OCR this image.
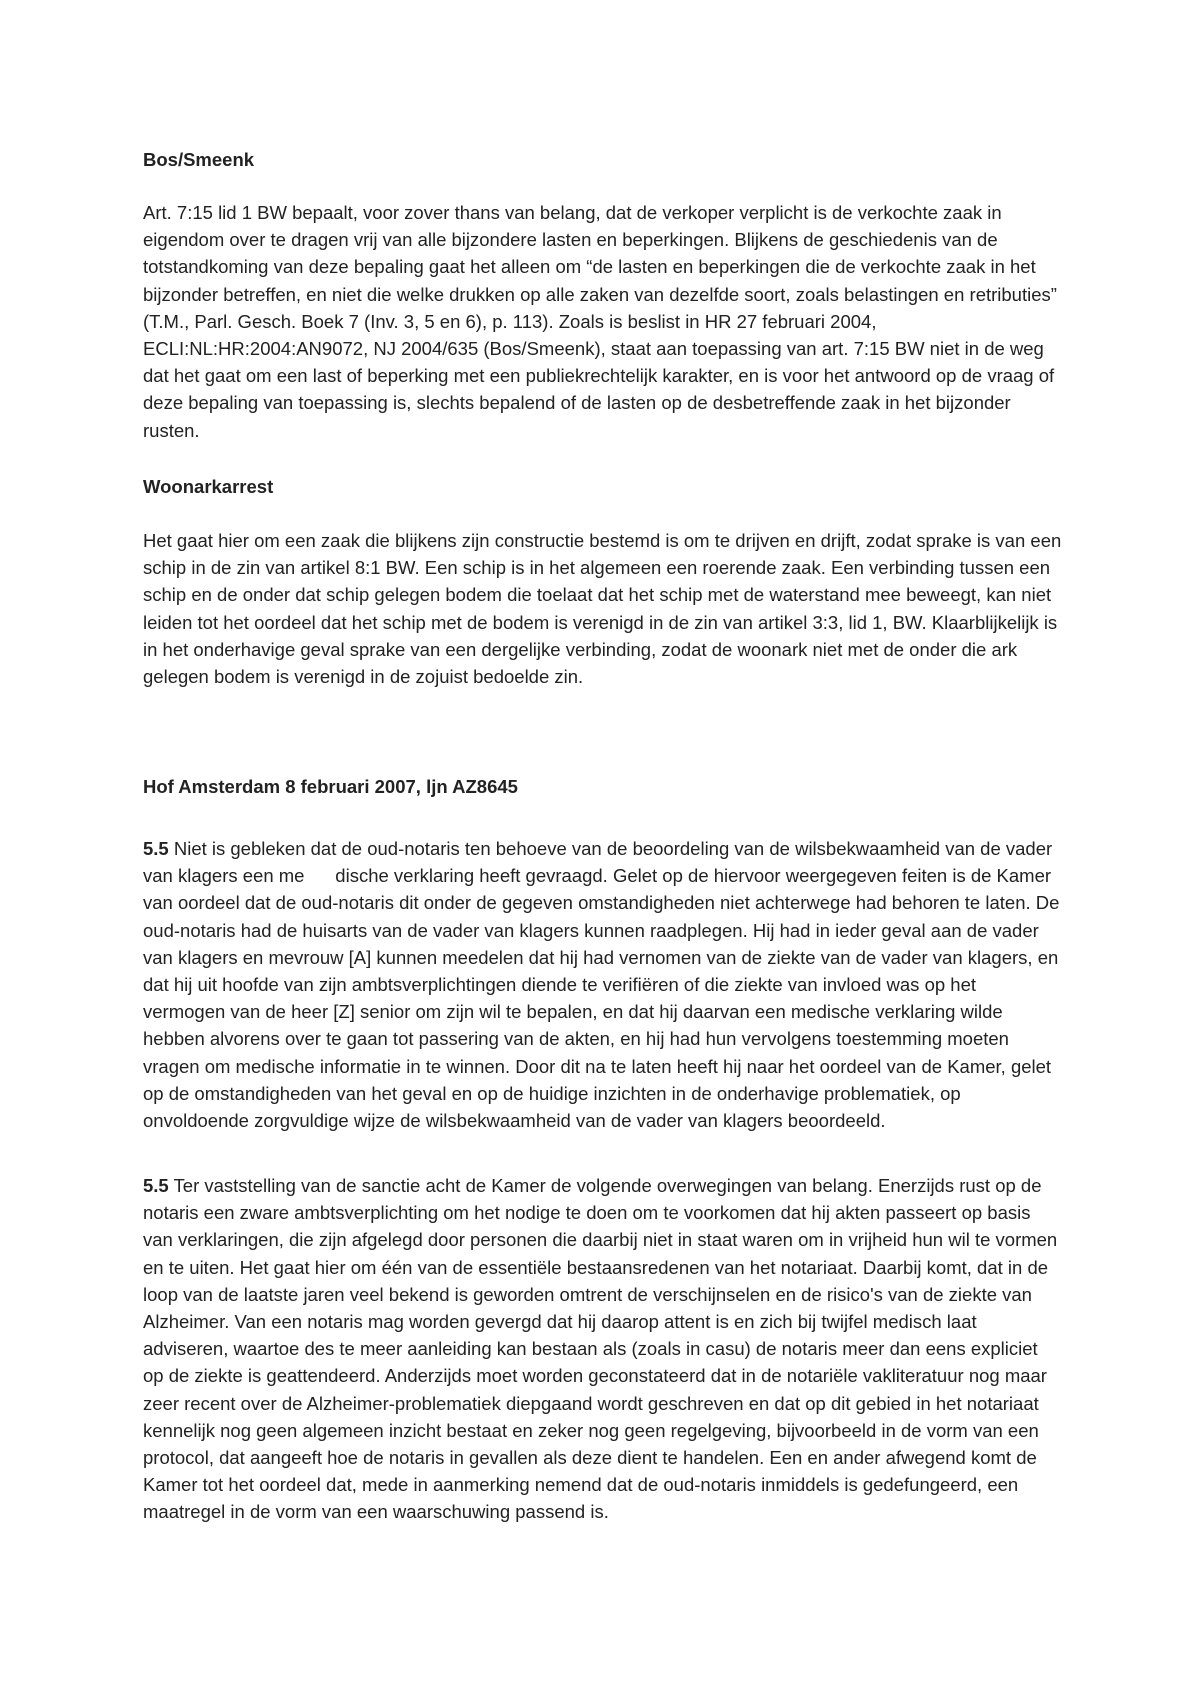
Bos/Smeenk

Art. 7:15 lid 1 BW bepaalt, voor zover thans van belang, dat de verkoper verplicht is de verkochte zaak in eigendom over te dragen vrij van alle bijzondere lasten en beperkingen. Blijkens de geschiedenis van de totstandkoming van deze bepaling gaat het alleen om “de lasten en beperkingen die de verkochte zaak in het bijzonder betreffen, en niet die welke drukken op alle zaken van dezelfde soort, zoals belastingen en retributies” (T.M., Parl. Gesch. Boek 7 (Inv. 3, 5 en 6), p. 113). Zoals is beslist in HR 27 februari 2004, ECLI:NL:HR:2004:AN9072, NJ 2004/635 (Bos/Smeenk), staat aan toepassing van art. 7:15 BW niet in de weg dat het gaat om een last of beperking met een publiekrechtelijk karakter, en is voor het antwoord op de vraag of deze bepaling van toepassing is, slechts bepalend of de lasten op de desbetreffende zaak in het bijzonder rusten.

Woonarkarrest

Het gaat hier om een zaak die blijkens zijn constructie bestemd is om te drijven en drijft, zodat sprake is van een schip in de zin van artikel 8:1 BW. Een schip is in het algemeen een roerende zaak. Een verbinding tussen een schip en de onder dat schip gelegen bodem die toelaat dat het schip met de waterstand mee beweegt, kan niet leiden tot het oordeel dat het schip met de bodem is verenigd in de zin van artikel 3:3, lid 1, BW. Klaarblijkelijk is in het onderhavige geval sprake van een dergelijke verbinding, zodat de woonark niet met de onder die ark gelegen bodem is verenigd in de zojuist bedoelde zin.

Hof Amsterdam 8 februari 2007, ljn AZ8645

5.5 Niet is gebleken dat de oud-notaris ten behoeve van de beoordeling van de wilsbekwaamheid van de vader van klagers een me      dische verklaring heeft gevraagd. Gelet op de hiervoor weergegeven feiten is de Kamer van oordeel dat de oud-notaris dit onder de gegeven omstandigheden niet achterwege had behoren te laten. De oud-notaris had de huisarts van de vader van klagers kunnen raadplegen. Hij had in ieder geval aan de vader van klagers en mevrouw [A] kunnen meedelen dat hij had vernomen van de ziekte van de vader van klagers, en dat hij uit hoofde van zijn ambtsverplichtingen diende te verifiëren of die ziekte van invloed was op het vermogen van de heer [Z] senior om zijn wil te bepalen, en dat hij daarvan een medische verklaring wilde hebben alvorens over te gaan tot passering van de akten, en hij had hun vervolgens toestemming moeten vragen om medische informatie in te winnen. Door dit na te laten heeft hij naar het oordeel van de Kamer, gelet op de omstandigheden van het geval en op de huidige inzichten in de onderhavige problematiek, op onvoldoende zorgvuldige wijze de wilsbekwaamheid van de vader van klagers beoordeeld.

5.5 Ter vaststelling van de sanctie acht de Kamer de volgende overwegingen van belang. Enerzijds rust op de notaris een zware ambtsverplichting om het nodige te doen om te voorkomen dat hij akten passeert op basis van verklaringen, die zijn afgelegd door personen die daarbij niet in staat waren om in vrijheid hun wil te vormen en te uiten. Het gaat hier om één van de essentiële bestaansredenen van het notariaat. Daarbij komt, dat in de loop van de laatste jaren veel bekend is geworden omtrent de verschijnselen en de risico's van de ziekte van Alzheimer. Van een notaris mag worden gevergd dat hij daarop attent is en zich bij twijfel medisch laat adviseren, waartoe des te meer aanleiding kan bestaan als (zoals in casu) de notaris meer dan eens expliciet op de ziekte is geattendeerd. Anderzijds moet worden geconstateerd dat in de notariële vakliteratuur nog maar zeer recent over de Alzheimer-problematiek diepgaand wordt geschreven en dat op dit gebied in het notariaat kennelijk nog geen algemeen inzicht bestaat en zeker nog geen regelgeving, bijvoorbeeld in de vorm van een protocol, dat aangeeft hoe de notaris in gevallen als deze dient te handelen. Een en ander afwegend komt de Kamer tot het oordeel dat, mede in aanmerking nemend dat de oud-notaris inmiddels is gedefungeerd, een maatregel in de vorm van een waarschuwing passend is.
